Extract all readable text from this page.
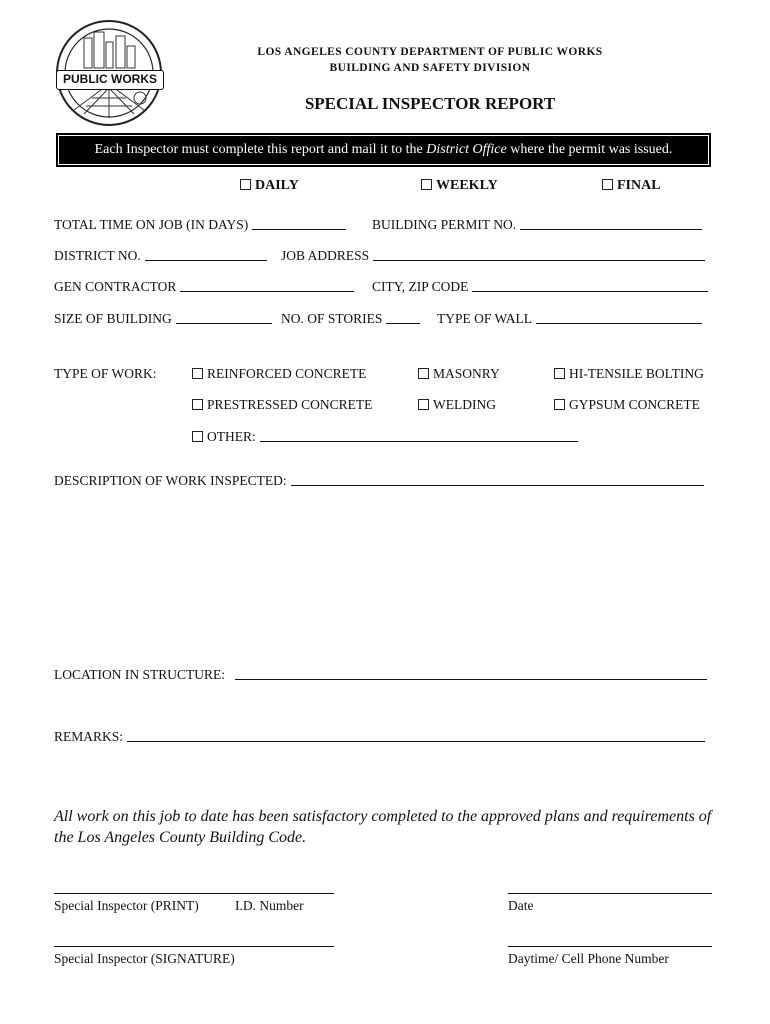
PUBLIC WORKS
LOS ANGELES COUNTY DEPARTMENT OF PUBLIC WORKS
BUILDING AND SAFETY DIVISION
SPECIAL INSPECTOR REPORT
Each Inspector must complete this report and mail it to the District Office where the permit was issued.
DAILY	WEEKLY	FINAL
TOTAL TIME ON JOB (IN DAYS)	BUILDING PERMIT NO.
DISTRICT NO.	JOB ADDRESS
GEN CONTRACTOR	CITY, ZIP CODE
SIZE OF BUILDING	NO. OF STORIES	TYPE OF WALL
TYPE OF WORK:	REINFORCED CONCRETE	MASONRY	HI-TENSILE BOLTING
PRESTRESSED CONCRETE	WELDING	GYPSUM CONCRETE
OTHER:
DESCRIPTION OF WORK INSPECTED:
LOCATION IN STRUCTURE:
REMARKS:
All work on this job to date has been satisfactory completed to the approved plans and requirements of the Los Angeles County Building Code.
Special Inspector (PRINT)	I.D. Number	Date
Special Inspector (SIGNATURE)	Daytime/ Cell Phone Number
